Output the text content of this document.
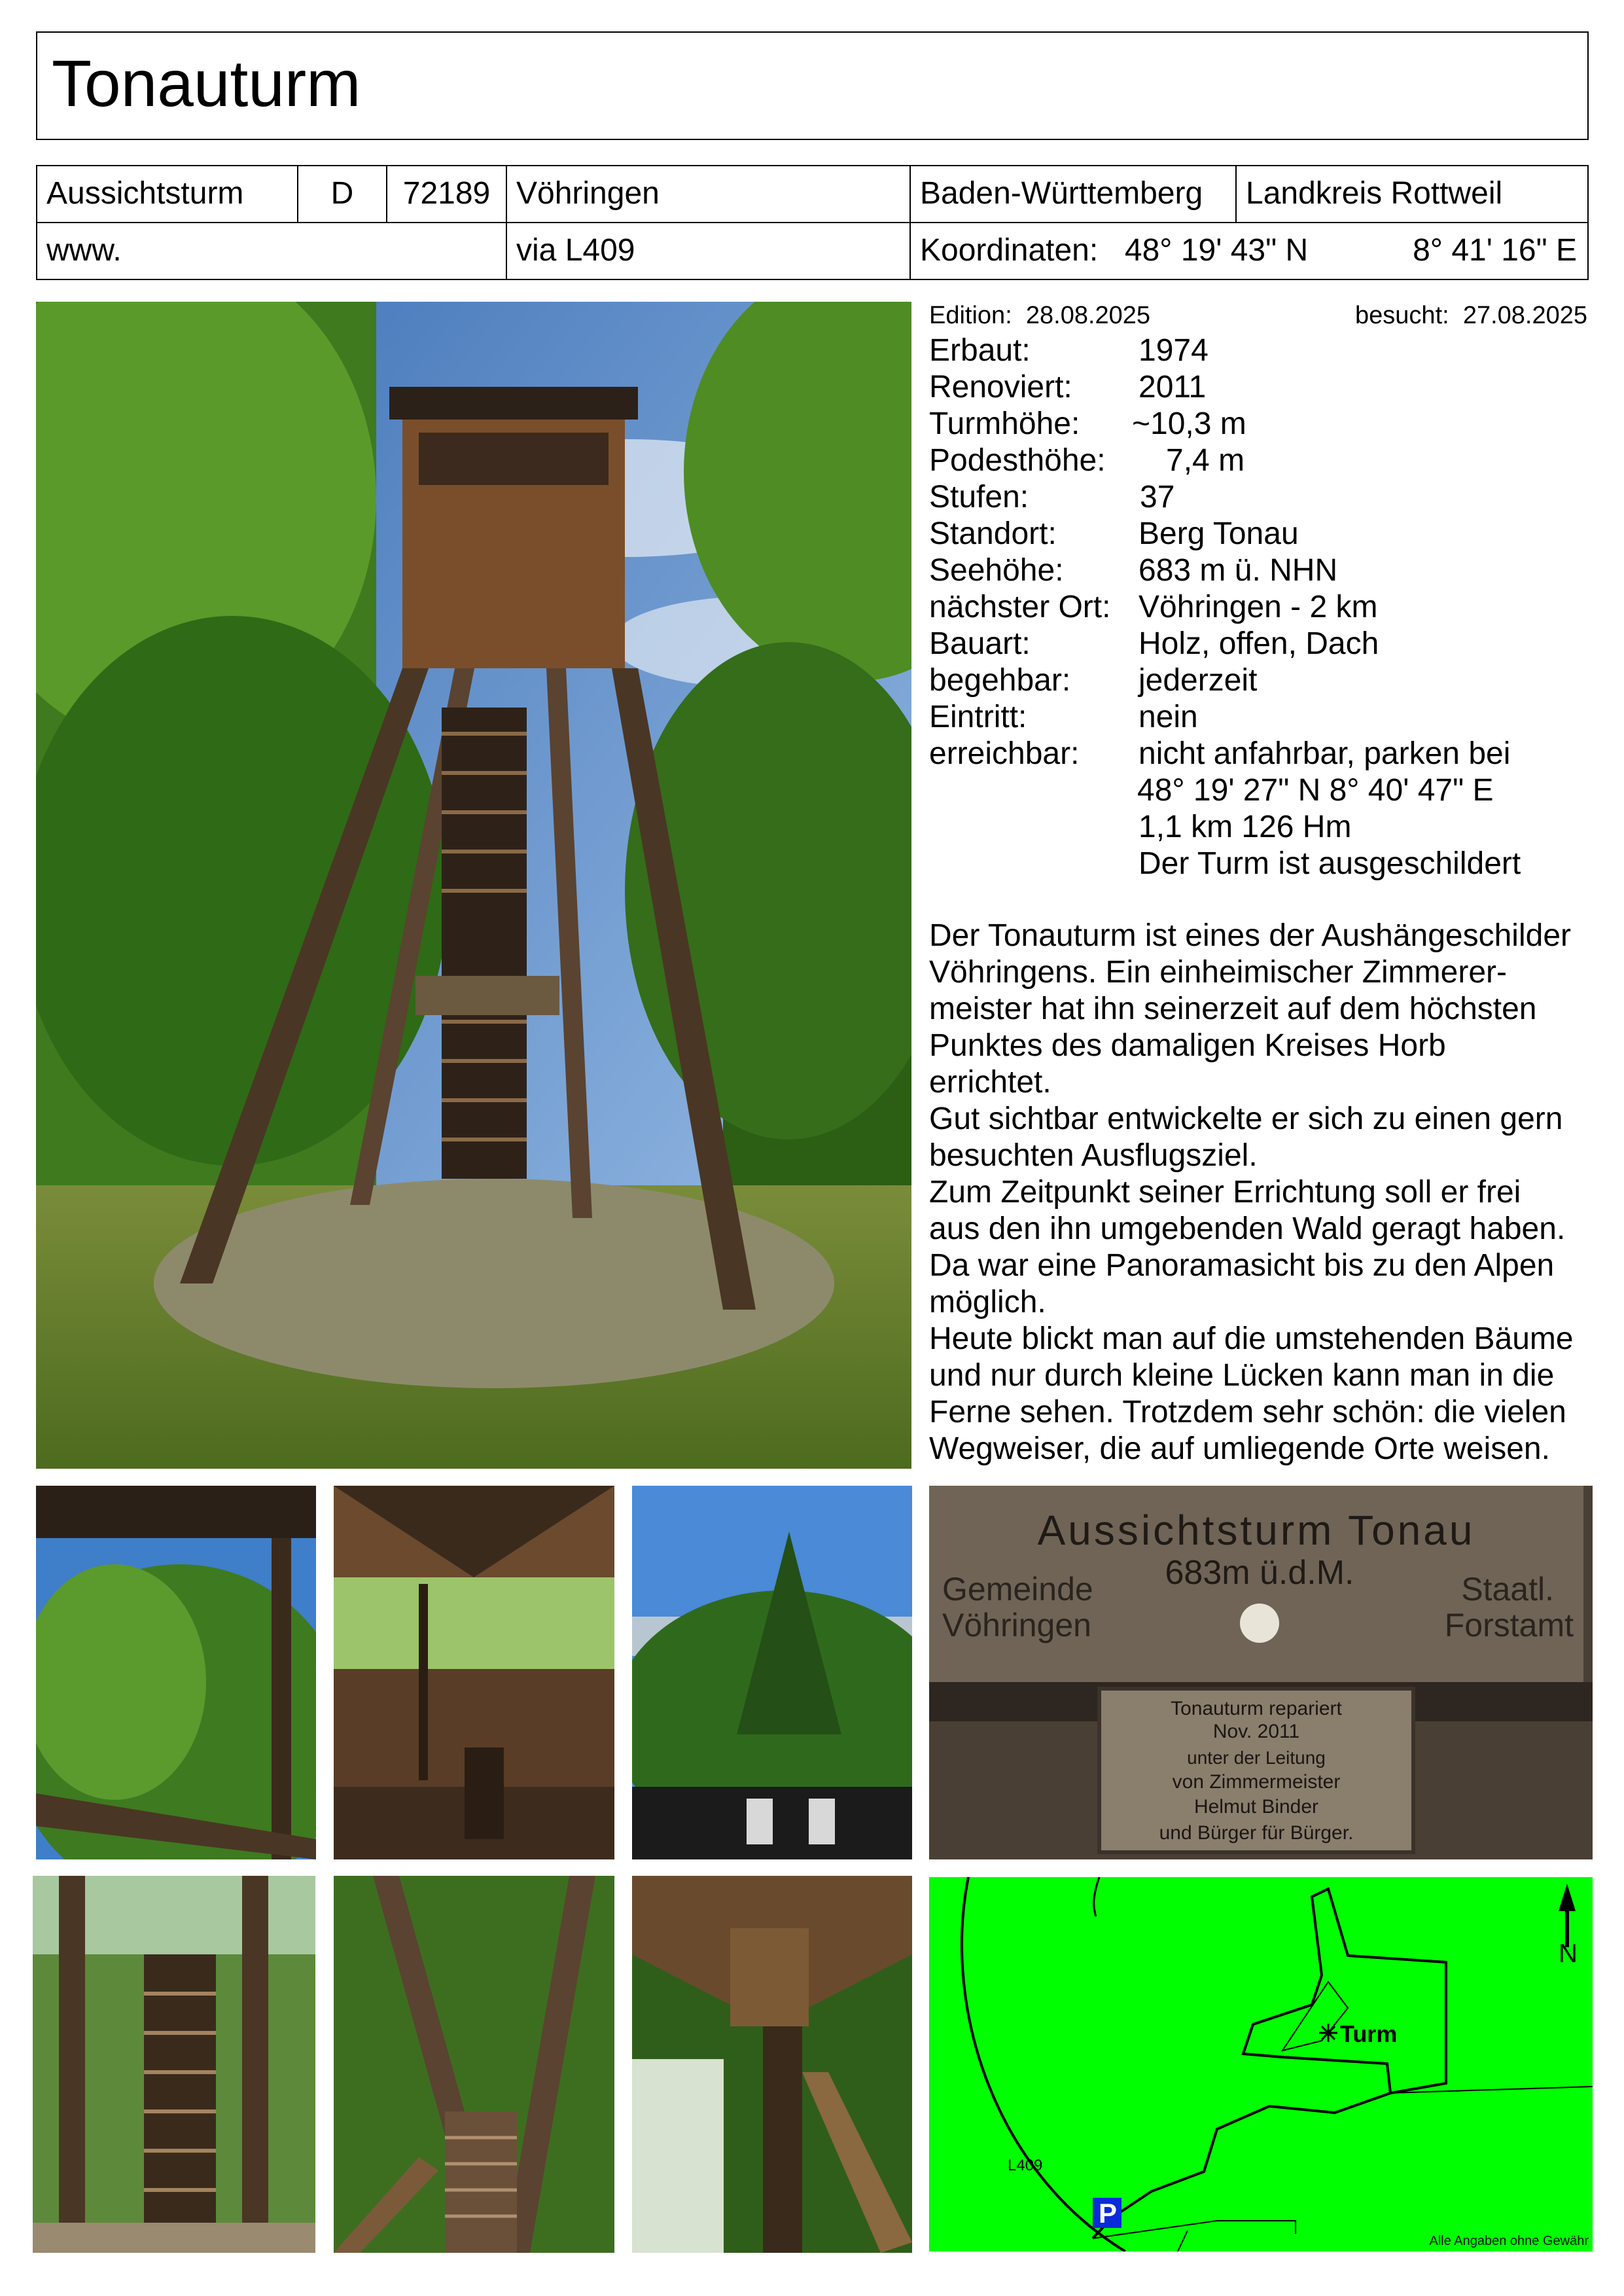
Tonauturm
Aussichtsturm	D	72189 Vöhringen	Baden-Württemberg	Landkreis Rottweil
www.	via L409	Koordinaten: 48° 19' 43" N	8° 41' 16" E
Edition: 28.08.2025	besucht: 27.08.2025
Erbaut:	1974
Renoviert: 2011
Turmhöhe: ~10,3 m
Podesthöhe: 7,4 m
Stufen:	37
Standort:	Berg Tonau
Seehöhe: 683 m ü. NHN
nächster Ort: Vöhringen - 2 km
Bauart:	Holz, offen, Dach
begehbar: jederzeit
Eintritt:	nein
erreichbar: nicht anfahrbar, parken bei
48° 19' 27" N 8° 40' 47" E
1,1 km 126 Hm
Der Turm ist ausgeschildert
Der Tonauturm ist eines der Aushängeschilder
Vöhringens. Ein einheimischer Zimmerer-
meister hat ihn seinerzeit auf dem höchsten
Punktes des damaligen Kreises Horb
errichtet.
Gut sichtbar entwickelte er sich zu einen gern
besuchten Ausflugsziel.
Zum Zeitpunkt seiner Errichtung soll er frei
aus den ihn umgebenden Wald geragt haben.
Da war eine Panoramasicht bis zu den Alpen
möglich.
Heute blickt man auf die umstehenden Bäume
und nur durch kleine Lücken kann man in die
Ferne sehen. Trotzdem sehr schön: die vielen
Wegweiser, die auf umliegende Orte weisen.
Aussichtsturm Tonau
683m ü.d.M.
Gemeinde
Vöhringen
Staatl.
Forstamt
Tonauturm repariert
Nov. 2011
unter der Leitung
von Zimmermeister
Helmut Binder
und Bürger für Bürger.
N
Turm
L409
P
Alle Angaben ohne Gewähr
